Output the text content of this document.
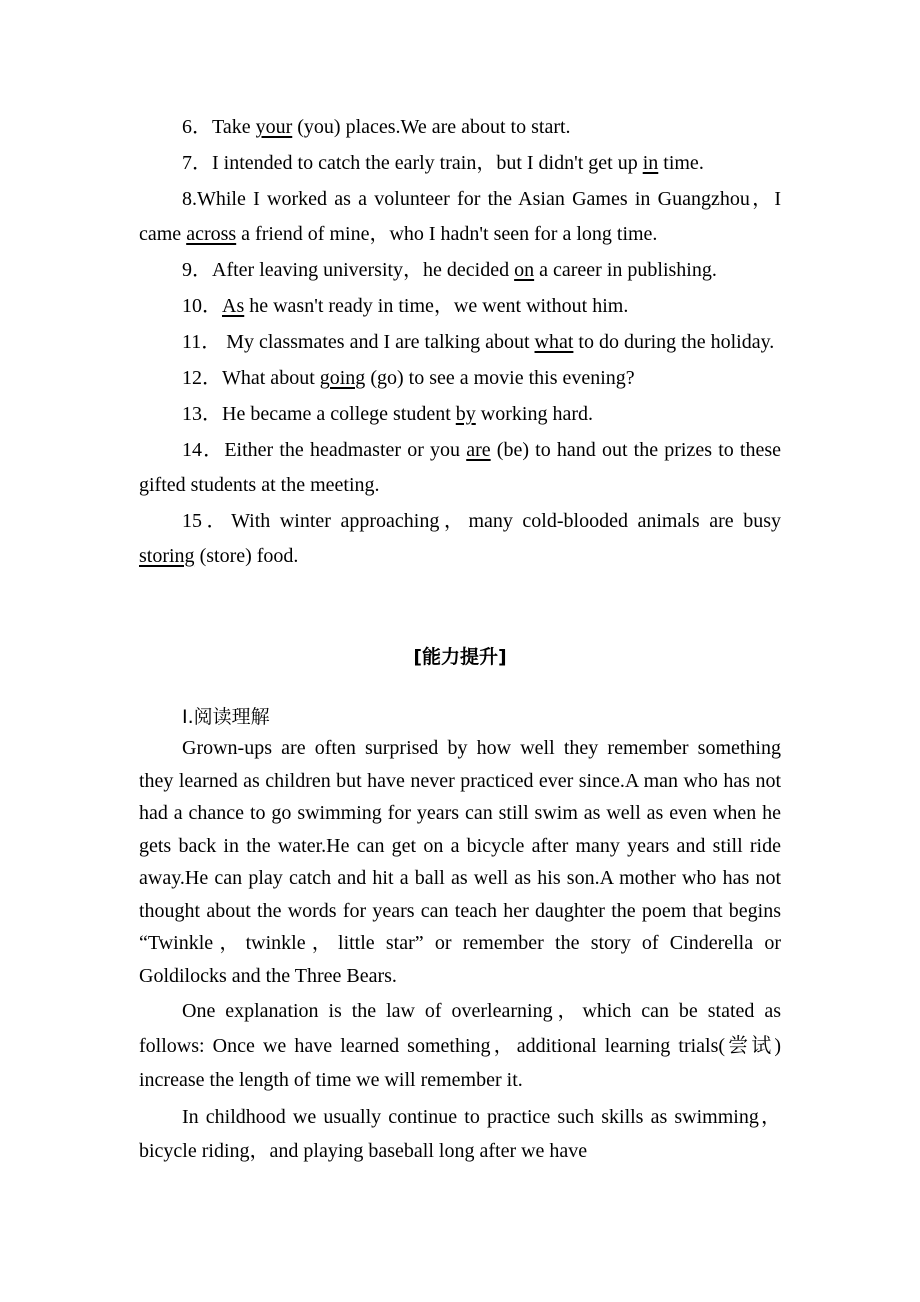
6．Take your (you) places.We are about to start.
7．I intended to catch the early train，but I didn't get up in time.
8.While I worked as a volunteer for the Asian Games in Guangzhou，I came across a friend of mine，who I hadn't seen for a long time.
9．After leaving university，he decided on a career in publishing.
10．As he wasn't ready in time，we went without him.
11． My classmates and I are talking about what to do during the holiday.
12．What about going (go) to see a movie this evening?
13．He became a college student by working hard.
14．Either the headmaster or you are (be) to hand out the prizes to these gifted students at the meeting.
15．With winter approaching，many cold-blooded animals are busy storing (store) food.
[能力提升]
Ⅰ.阅读理解

Grown-ups are often surprised by how well they remember something they learned as children but have never practiced ever since.A man who has not had a chance to go swimming for years can still swim as well as even when he gets back in the water.He can get on a bicycle after many years and still ride away.He can play catch and hit a ball as well as his son.A mother who has not thought about the words for years can teach her daughter the poem that begins “Twinkle，twinkle，little star” or remember the story of Cinderella or Goldilocks and the Three Bears.

One explanation is the law of overlearning，which can be stated as follows: Once we have learned something，additional learning trials(尝试) increase the length of time we will remember it.

In childhood we usually continue to practice such skills as swimming，bicycle riding，and playing baseball long after we have
